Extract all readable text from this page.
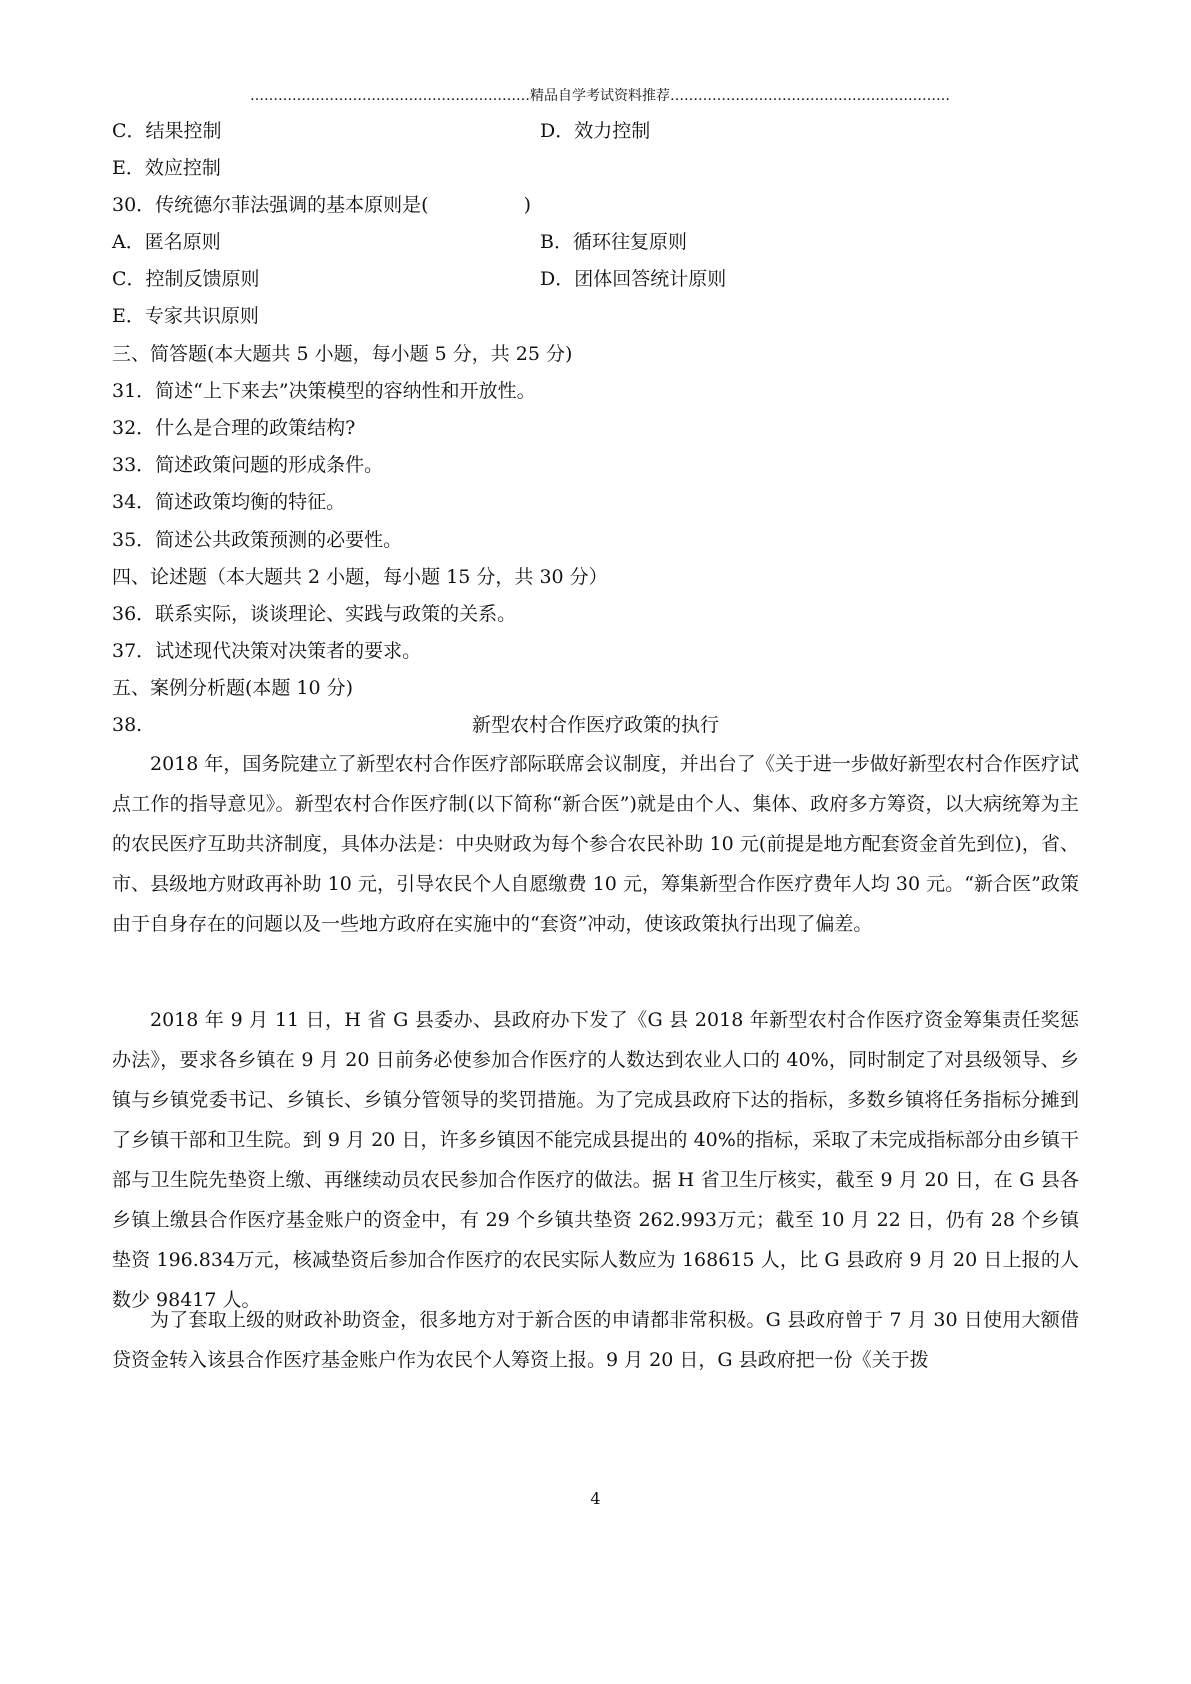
……………………………………………………精品自学考试资料推荐……………………………………………………
C．结果控制	D．效力控制
E．效应控制
30．传统德尔菲法强调的基本原则是(　　　　　)
A．匿名原则	B．循环往复原则
C．控制反馈原则	D．团体回答统计原则
E．专家共识原则
三、简答题(本大题共 5 小题，每小题 5 分，共 25 分)
31．简述“上下来去”决策模型的容纳性和开放性。
32．什么是合理的政策结构?
33．简述政策问题的形成条件。
34．简述政策均衡的特征。
35．简述公共政策预测的必要性。
四、论述题（本大题共 2 小题，每小题 15 分，共 30 分）
36．联系实际，谈谈理论、实践与政策的关系。
37．试述现代决策对决策者的要求。
五、案例分析题(本题 10 分)
38.	新型农村合作医疗政策的执行

2018 年，国务院建立了新型农村合作医疗部际联席会议制度，并出台了《关于进一步做好新型农村合作医疗试点工作的指导意见》。新型农村合作医疗制(以下简称“新合医”)就是由个人、集体、政府多方筹资，以大病统筹为主的农民医疗互助共济制度，具体办法是：中央财政为每个参合农民补助 10 元(前提是地方配套资金首先到位)，省、市、县级地方财政再补助 10 元，引导农民个人自愿缴费 10 元，筹集新型合作医疗费年人均 30 元。“新合医”政策由于自身存在的问题以及一些地方政府在实施中的“套资”冲动，使该政策执行出现了偏差。

2018 年 9 月 11 日，H 省 G 县委办、县政府办下发了《G 县 2018 年新型农村合作医疗资金筹集责任奖惩办法》，要求各乡镇在 9 月 20 日前务必使参加合作医疗的人数达到农业人口的 40%，同时制定了对县级领导、乡镇与乡镇党委书记、乡镇长、乡镇分管领导的奖罚措施。为了完成县政府下达的指标，多数乡镇将任务指标分摊到了乡镇干部和卫生院。到 9 月 20 日，许多乡镇因不能完成县提出的 40%的指标，采取了未完成指标部分由乡镇干部与卫生院先垫资上缴、再继续动员农民参加合作医疗的做法。据 H 省卫生厅核实，截至 9 月 20 日，在 G 县各乡镇上缴县合作医疗基金账户的资金中，有 29 个乡镇共垫资 262.993万元；截至 10 月 22 日，仍有 28 个乡镇垫资 196.834万元，核减垫资后参加合作医疗的农民实际人数应为 168615 人，比 G 县政府 9 月 20 日上报的人数少 98417 人。

为了套取上级的财政补助资金，很多地方对于新合医的申请都非常积极。G 县政府曾于 7 月 30 日使用大额借贷资金转入该县合作医疗基金账户作为农民个人筹资上报。9 月 20 日，G 县政府把一份《关于拨

4
